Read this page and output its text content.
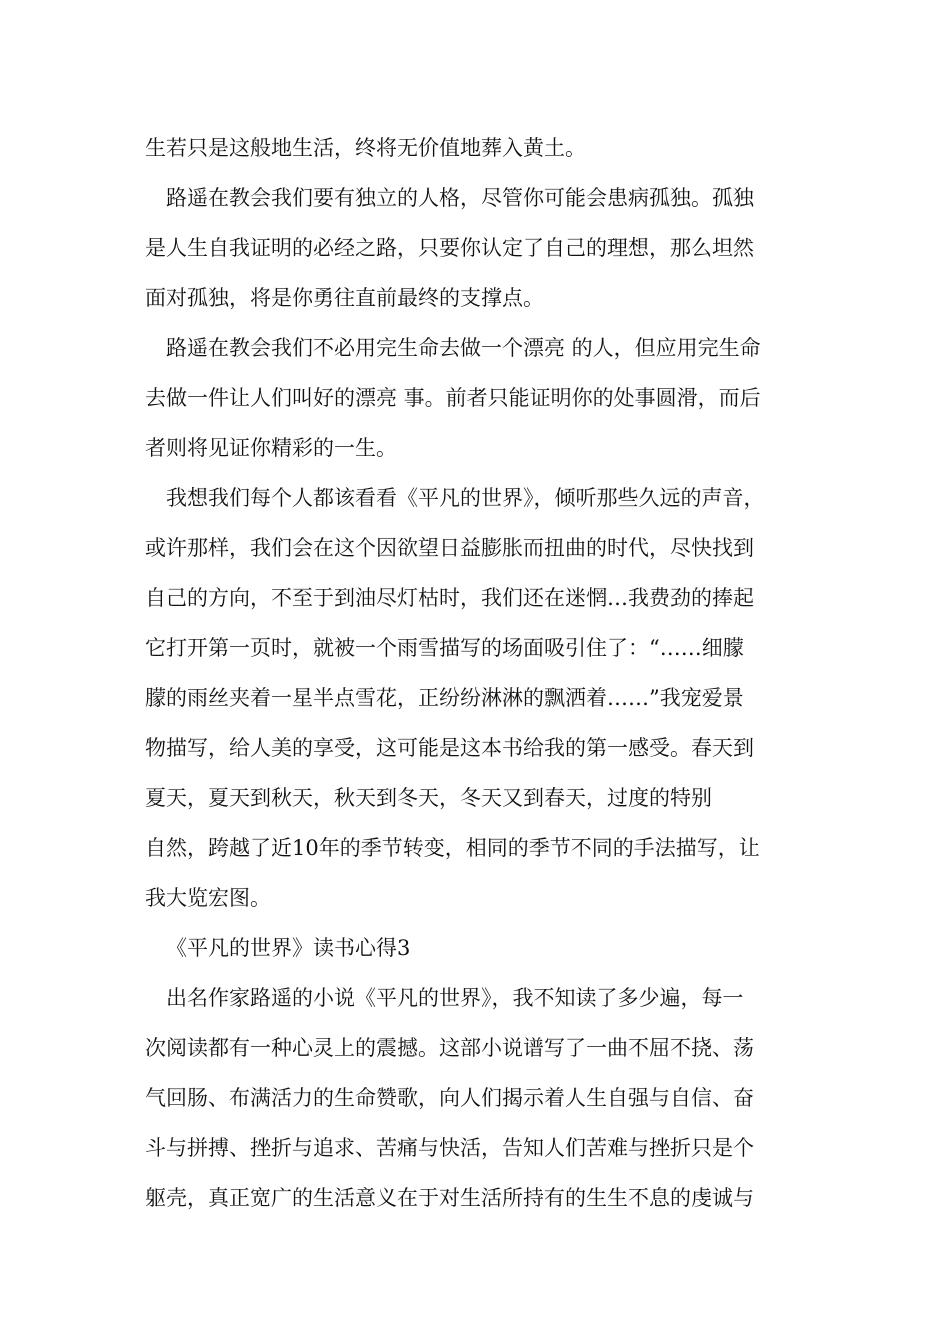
生若只是这般地生活，终将无价值地葬入黄土。
路遥在教会我们要有独立的人格，尽管你可能会患病孤独。孤独
是人生自我证明的必经之路，只要你认定了自己的理想，那么坦然
面对孤独，将是你勇往直前最终的支撑点。
路遥在教会我们不必用完生命去做一个漂亮 的人，但应用完生命
去做一件让人们叫好的漂亮 事。前者只能证明你的处事圆滑，而后
者则将见证你精彩的一生。
我想我们每个人都该看看《平凡的世界》，倾听那些久远的声音，
或许那样，我们会在这个因欲望日益膨胀而扭曲的时代，尽快找到
自己的方向，不至于到油尽灯枯时，我们还在迷惘…我费劲的捧起
它打开第一页时，就被一个雨雪描写的场面吸引住了：“……细朦
朦的雨丝夹着一星半点雪花，正纷纷淋淋的飘洒着……”我宠爱景
物描写，给人美的享受，这可能是这本书给我的第一感受。春天到
夏天，夏天到秋天，秋天到冬天，冬天又到春天，过度的特别
自然，跨越了近10年的季节转变，相同的季节不同的手法描写，让
我大览宏图。
《平凡的世界》读书心得3
出名作家路遥的小说《平凡的世界》，我不知读了多少遍，每一
次阅读都有一种心灵上的震撼。这部小说谱写了一曲不屈不挠、荡
气回肠、布满活力的生命赞歌，向人们揭示着人生自强与自信、奋
斗与拼搏、挫折与追求、苦痛与快活，告知人们苦难与挫折只是个
躯壳，真正宽广的生活意义在于对生活所持有的生生不息的虔诚与
